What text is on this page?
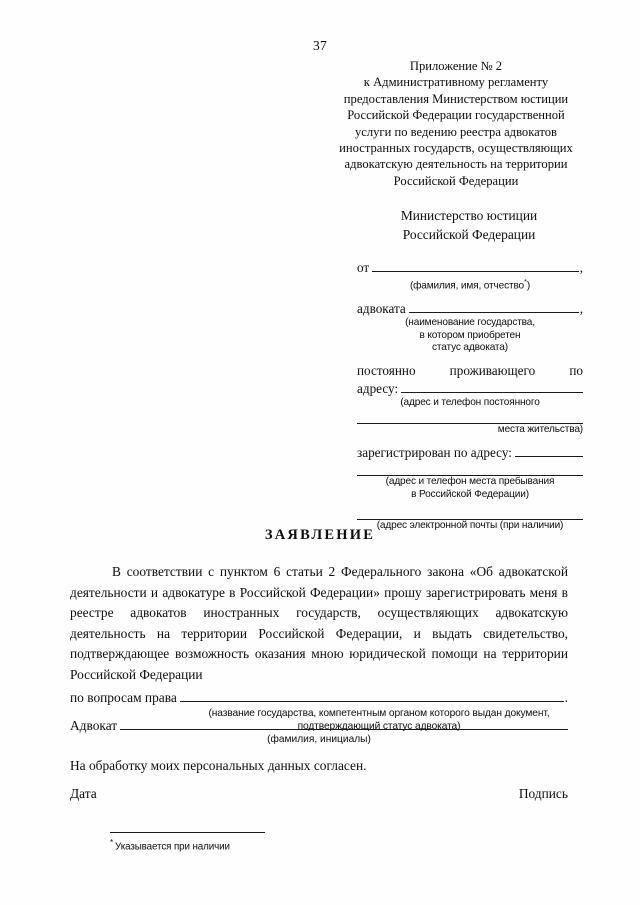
37
Приложение № 2
к Административному регламенту
предоставления Министерством юстиции
Российской Федерации государственной
услуги по ведению реестра адвокатов
иностранных государств, осуществляющих
адвокатскую деятельность на территории
Российской Федерации
Министерство юстиции
Российской Федерации
от	,
(фамилия, имя, отчество*)
адвоката	,
(наименование государства,
в котором приобретен
статус адвоката)
постоянно	проживающего	по
адресу:
(адрес и телефон постоянного
места жительства)
зарегистрирован по адресу:
(адрес и телефон места пребывания
в Российской Федерации)
(адрес электронной почты (при наличии)
ЗАЯВЛЕНИЕ

В соответствии с пунктом 6 статьи 2 Федерального закона «Об адвокатской деятельности и адвокатуре в Российской Федерации» прошу зарегистрировать меня в реестре адвокатов иностранных государств, осуществляющих адвокатскую деятельность на территории Российской Федерации, и выдать свидетельство, подтверждающее возможность оказания мною юридической помощи на территории Российской Федерации

по вопросам права	.
(название государства, компетентным органом которого выдан документ,
подтверждающий статус адвоката)
Адвокат
(фамилия, инициалы)
На обработку моих персональных данных согласен.
Дата	Подпись
* Указывается при наличии
